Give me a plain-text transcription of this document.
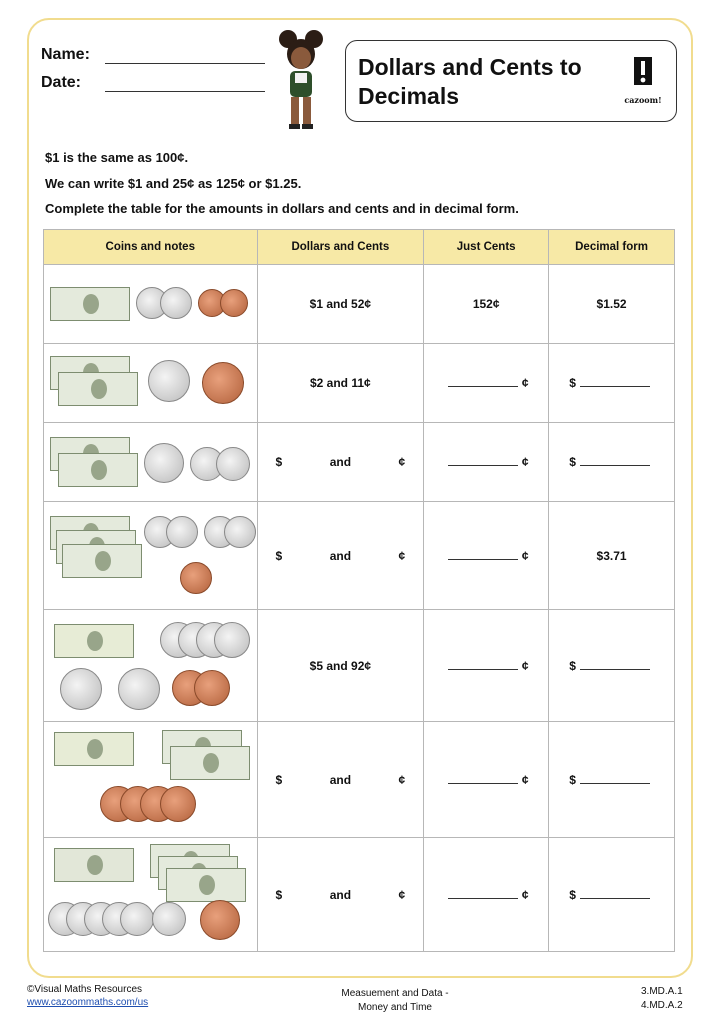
Name:
Date:
Dollars and Cents to Decimals	cazoom!
$1 is the same as 100¢.
We can write $1 and 25¢ as 125¢ or $1.25.
Complete the table for the amounts in dollars and cents and in decimal form.
Coins and notes	Dollars and Cents	Just Cents	Decimal form

	$1 and 52¢	152¢	$1.52

	$2 and 11¢	¢	$

	$ and ¢	¢	$

	$ and ¢	¢	$3.71

	$5 and 92¢	¢	$

	$ and ¢	¢	$

	$ and ¢	¢	$
©Visual Maths Resources
www.cazoommaths.com/us
Measuement and Data -
Money and Time
3.MD.A.1
4.MD.A.2
